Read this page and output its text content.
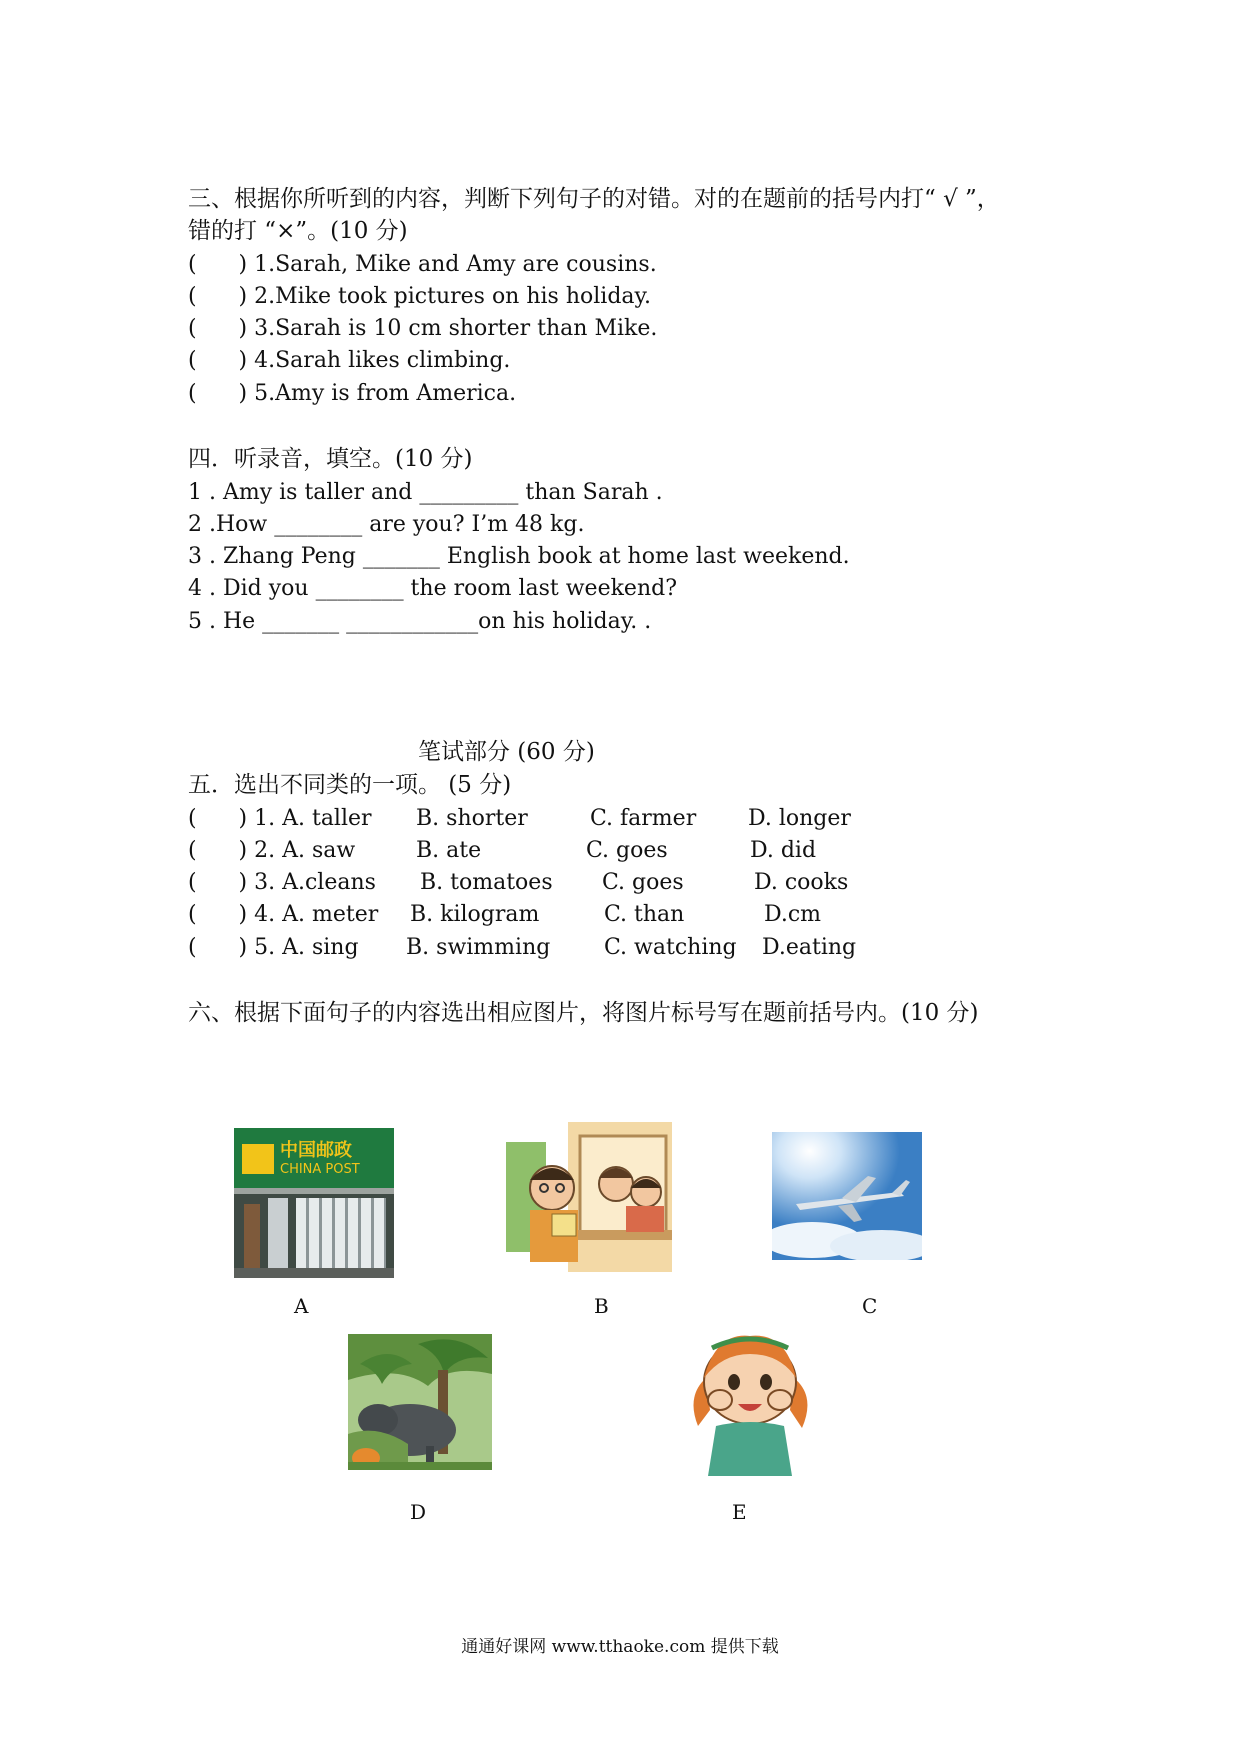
三、根据你所听到的内容，判断下列句子的对错。对的在题前的括号内打“ √ ”，
错的打 “×”。(10 分)
(      ) 1.Sarah, Mike and Amy are cousins.
(      ) 2.Mike took pictures on his holiday.
(      ) 3.Sarah is 10 cm shorter than Mike.
(      ) 4.Sarah likes climbing.
(      ) 5.Amy is from America.
四．听录音，填空。(10 分)
1 . Amy is taller and _________ than Sarah .
2 .How ________ are you? I’m 48 kg.
3 . Zhang Peng _______ English book at home last weekend.
4 . Did you ________ the room last weekend?
5 . He _______ ____________on his holiday. .
笔试部分 (60 分)
五．选出不同类的一项。 (5 分)
(      ) 1. A. taller B. shorter	C. farmer D. longer
(      ) 2. A. saw	B. ate	C. goes	D. did
(      ) 3. A.cleans B. tomatoes C. goes	D. cooks
(      ) 4. A. meter B. kilogram	C. than	D.cm
(      ) 5. A. sing B. swimming C. watching D.eating
六、根据下面句子的内容选出相应图片，将图片标号写在题前括号内。(10 分)
中国邮政
CHINA POST
A	B	C
D	E
通通好课网 www.tthaoke.com 提供下载
